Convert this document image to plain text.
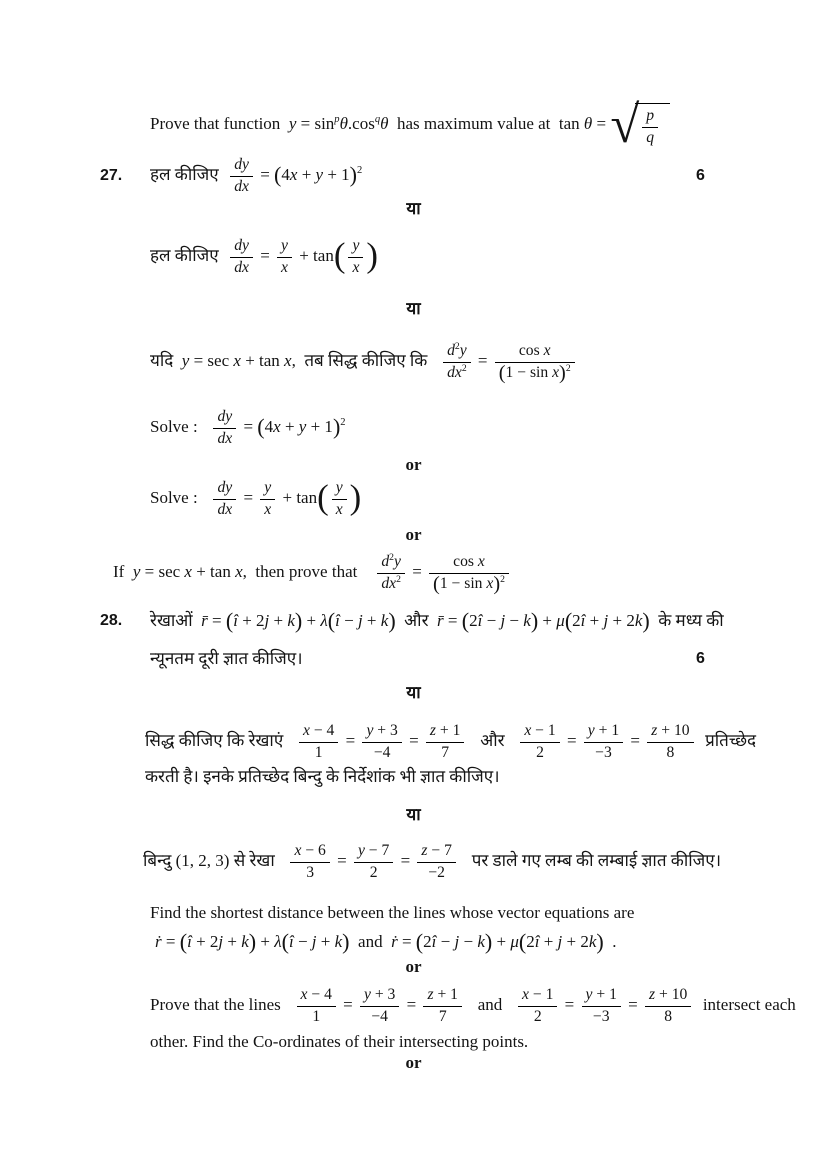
Prove that function  $y = \sin^p\theta.\cos^q\theta$  has maximum value at  tan θ = √ $\frac{p}{q}$
27. हल कीजिए $\frac{dy}{dx} = (4x + y + 1)^2$	6
या
हल कीजिए $\frac{dy}{dx} = \frac{y}{x} + \tan( \frac{y}{x}$ )
या
यदि  y = sec x + tan x,  तब सिद्ध कीजिए कि $\frac{d^2y}{dx^2} = \frac{\text{cos x}}{(1 - \sin x)^2}$
Solve : $\frac{dy}{dx} = (4x + y + 1)^2$
or
Solve : $\frac{dy}{dx} = \frac{y}{x} + \tan( \frac{y}{x}$ )
or
If  y = sec x + tan x,  then prove that $\frac{d^2y}{dx^2} = \frac{\text{cos x}}{(1 - \sin x)^2}$
28. रेखाओं  r̄ = (î + 2j + k) + λ(î − j + k)  और  r̄ = (2î − j − k) + μ(2î + j + 2k)  के मध्य की
न्यूनतम दूरी ज्ञात कीजिए।	6
या
सिद्ध कीजिए कि रेखाएं $\frac{x - 4}{1} = \frac{y + 3}{-4} = \frac{z + 1}{7}$ और $\frac{x - 1}{2} = \frac{y + 1}{-3} = \frac{z + 10}{8}$ प्रतिच्छेद
करती है। इनके प्रतिच्छेद बिन्दु के निर्देशांक भी ज्ञात कीजिए।
या
बिन्दु (1, 2, 3) से रेखा $\frac{x - 6}{3} = \frac{y - 7}{2} = \frac{z - 7}{-2}$ पर डाले गए लम्ब की लम्बाई ज्ञात कीजिए।
Find the shortest distance between the lines whose vector equations are
ṙ = (î + 2j + k) + λ(î − j + k)  and  ṙ = (2î − j − k) + μ(2î + j + 2k)  .
or
Prove that the lines $\frac{x - 4}{1} = \frac{y + 3}{-4} = \frac{z + 1}{7}$ and $\frac{x - 1}{2} = \frac{y + 1}{-3} = \frac{z + 10}{8}$ intersect each
other. Find the Co-ordinates of their intersecting points.
or
